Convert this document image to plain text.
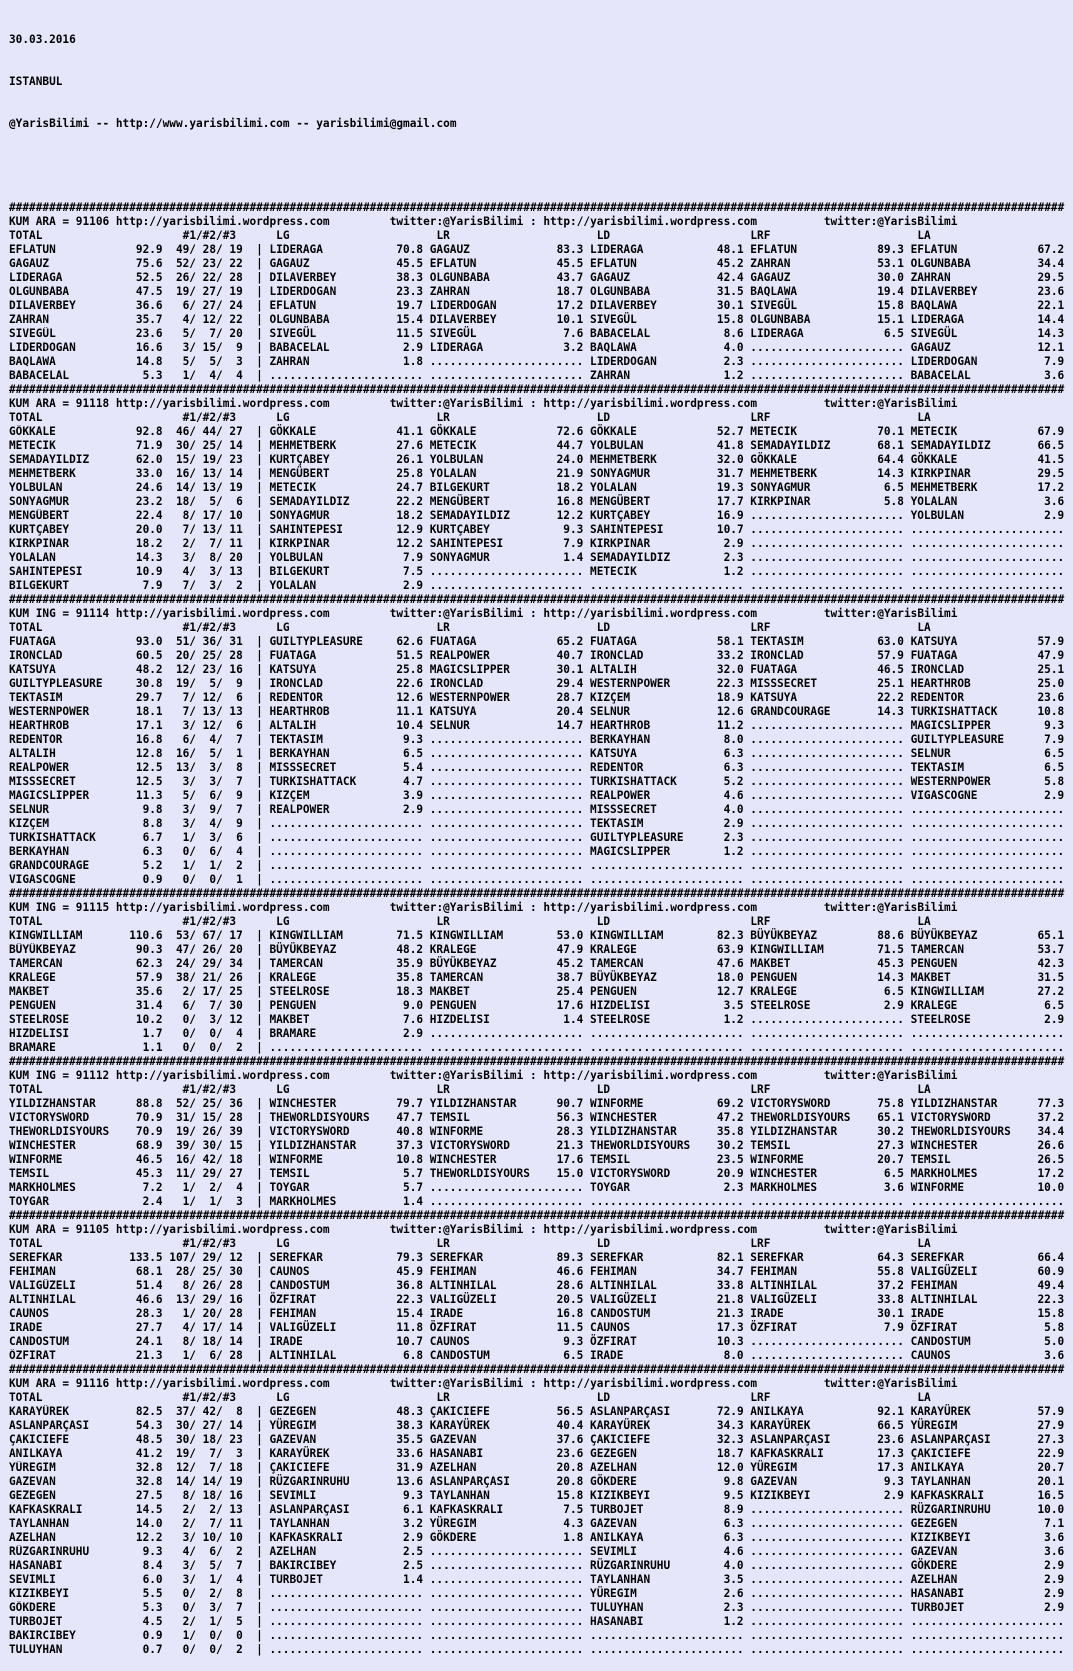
30.03.2016

ISTANBUL

@YarisBilimi -- http://www.yarisbilimi.com -- yarisbilimi@gmail.com

##############################################################################################################################################################
KUM ARA = 91106 http://yarisbilimi.wordpress.com	twitter:@YarisBilimi : http://yarisbilimi.wordpress.com	twitter:@YarisBilimi
TOTAL	#1/#2/#3	LG	LR	LD	LRF	LA
EFLATUN	92.9	49/ 28/ 19	| LIDERAGA	70.8 GAGAUZ	83.3 LIDERAGA	48.1 EFLATUN	89.3 EFLATUN	67.2
GAGAUZ	75.6	52/ 23/ 22	| GAGAUZ	45.5 EFLATUN	45.5 EFLATUN	45.2 ZAHRAN	53.1 OLGUNBABA	34.4
LIDERAGA	52.5	26/ 22/ 28	| DILAVERBEY	38.3 OLGUNBABA	43.7 GAGAUZ	42.4 GAGAUZ	30.0 ZAHRAN	29.5
OLGUNBABA	47.5	19/ 27/ 19	| LIDERDOGAN	23.3 ZAHRAN	18.7 OLGUNBABA	31.5 BAQLAWA	19.4 DILAVERBEY	23.6
DILAVERBEY	36.6	6/ 27/ 24	| EFLATUN	19.7 LIDERDOGAN	17.2 DILAVERBEY	30.1 SIVEGÜL	15.8 BAQLAWA	22.1
ZAHRAN	35.7	4/ 12/ 22	| OLGUNBABA	15.4 DILAVERBEY	10.1 SIVEGÜL	15.8 OLGUNBABA	15.1 LIDERAGA	14.4
SIVEGÜL	23.6	5/  7/ 20	| SIVEGÜL	11.5 SIVEGÜL	7.6 BABACELAL	8.6 LIDERAGA	6.5 SIVEGÜL	14.3
LIDERDOGAN	16.6	3/ 15/  9	| BABACELAL	2.9 LIDERAGA	3.2 BAQLAWA	4.0 ....................... GAGAUZ	12.1
BAQLAWA	14.8	5/  5/  3	| ZAHRAN	1.8 ....................... LIDERDOGAN	2.3 ....................... LIDERDOGAN	7.9
BABACELAL	5.3	1/  4/  4	| ....................... ....................... ZAHRAN	1.2 ....................... BABACELAL	3.6
##############################################################################################################################################################
KUM ARA = 91118 http://yarisbilimi.wordpress.com	twitter:@YarisBilimi : http://yarisbilimi.wordpress.com	twitter:@YarisBilimi
TOTAL	#1/#2/#3	LG	LR	LD	LRF	LA
GÖKKALE	92.8	46/ 44/ 27	| GÖKKALE	41.1 GÖKKALE	72.6 GÖKKALE	52.7 METECIK	70.1 METECIK	67.9
METECIK	71.9	30/ 25/ 14	| MEHMETBERK	27.6 METECIK	44.7 YOLBULAN	41.8 SEMADAYILDIZ	68.1 SEMADAYILDIZ	66.5
SEMADAYILDIZ	62.0	15/ 19/ 23	| KURTÇABEY	26.1 YOLBULAN	24.0 MEHMETBERK	32.0 GÖKKALE	64.4 GÖKKALE	41.5
MEHMETBERK	33.0	16/ 13/ 14	| MENGÜBERT	25.8 YOLALAN	21.9 SONYAGMUR	31.7 MEHMETBERK	14.3 KIRKPINAR	29.5
YOLBULAN	24.6	14/ 13/ 19	| METECIK	24.7 BILGEKURT	18.2 YOLALAN	19.3 SONYAGMUR	6.5 MEHMETBERK	17.2
SONYAGMUR	23.2	18/  5/  6	| SEMADAYILDIZ	22.2 MENGÜBERT	16.8 MENGÜBERT	17.7 KIRKPINAR	5.8 YOLALAN	3.6
MENGÜBERT	22.4	8/ 17/ 10	| SONYAGMUR	18.2 SEMADAYILDIZ	12.2 KURTÇABEY	16.9 ....................... YOLBULAN	2.9
KURTÇABEY	20.0	7/ 13/ 11	| SAHINTEPESI	12.9 KURTÇABEY	9.3 SAHINTEPESI	10.7 ....................... .......................
KIRKPINAR	18.2	2/  7/ 11	| KIRKPINAR	12.2 SAHINTEPESI	7.9 KIRKPINAR	2.9 ....................... .......................
YOLALAN	14.3	3/  8/ 20	| YOLBULAN	7.9 SONYAGMUR	1.4 SEMADAYILDIZ	2.3 ....................... .......................
SAHINTEPESI	10.9	4/  3/ 13	| BILGEKURT	7.5 ....................... METECIK	1.2 ....................... .......................
BILGEKURT	7.9	7/  3/  2	| YOLALAN	2.9 ....................... ....................... ....................... .......................
##############################################################################################################################################################
KUM ING = 91114 http://yarisbilimi.wordpress.com	twitter:@YarisBilimi : http://yarisbilimi.wordpress.com	twitter:@YarisBilimi
TOTAL	#1/#2/#3	LG	LR	LD	LRF	LA
FUATAGA	93.0	51/ 36/ 31	| GUILTYPLEASURE	62.6 FUATAGA	65.2 FUATAGA	58.1 TEKTASIM	63.0 KATSUYA	57.9
IRONCLAD	60.5	20/ 25/ 28	| FUATAGA	51.5 REALPOWER	40.7 IRONCLAD	33.2 IRONCLAD	57.9 FUATAGA	47.9
KATSUYA	48.2	12/ 23/ 16	| KATSUYA	25.8 MAGICSLIPPER	30.1 ALTALIH	32.0 FUATAGA	46.5 IRONCLAD	25.1
GUILTYPLEASURE	30.8	19/  5/  9	| IRONCLAD	22.6 IRONCLAD	29.4 WESTERNPOWER	22.3 MISSSECRET	25.1 HEARTHROB	25.0
TEKTASIM	29.7	7/ 12/  6	| REDENTOR	12.6 WESTERNPOWER	28.7 KIZÇEM	18.9 KATSUYA	22.2 REDENTOR	23.6
WESTERNPOWER	18.1	7/ 13/ 13	| HEARTHROB	11.1 KATSUYA	20.4 SELNUR	12.6 GRANDCOURAGE	14.3 TURKISHATTACK	10.8
HEARTHROB	17.1	3/ 12/  6	| ALTALIH	10.4 SELNUR	14.7 HEARTHROB	11.2 ....................... MAGICSLIPPER	9.3
REDENTOR	16.8	6/  4/  7	| TEKTASIM	9.3 ....................... BERKAYHAN	8.0 ....................... GUILTYPLEASURE	7.9
ALTALIH	12.8	16/  5/  1	| BERKAYHAN	6.5 ....................... KATSUYA	6.3 ....................... SELNUR	6.5
REALPOWER	12.5	13/  3/  8	| MISSSECRET	5.4 ....................... REDENTOR	6.3 ....................... TEKTASIM	6.5
MISSSECRET	12.5	3/  3/  7	| TURKISHATTACK	4.7 ....................... TURKISHATTACK	5.2 ....................... WESTERNPOWER	5.8
MAGICSLIPPER	11.3	5/  6/  9	| KIZÇEM	3.9 ....................... REALPOWER	4.6 ....................... VIGASCOGNE	2.9
SELNUR	9.8	3/  9/  7	| REALPOWER	2.9 ....................... MISSSECRET	4.0 ....................... .......................
KIZÇEM	8.8	3/  4/  9	| ....................... ....................... TEKTASIM	2.9 ....................... .......................
TURKISHATTACK	6.7	1/  3/  6	| ....................... ....................... GUILTYPLEASURE	2.3 ....................... .......................
BERKAYHAN	6.3	0/  6/  4	| ....................... ....................... MAGICSLIPPER	1.2 ....................... .......................
GRANDCOURAGE	5.2	1/  1/  2	| ....................... ....................... ....................... ....................... .......................
VIGASCOGNE	0.9	0/  0/  1	| ....................... ....................... ....................... ....................... .......................
##############################################################################################################################################################
KUM ING = 91115 http://yarisbilimi.wordpress.com	twitter:@YarisBilimi : http://yarisbilimi.wordpress.com	twitter:@YarisBilimi
TOTAL	#1/#2/#3	LG	LR	LD	LRF	LA
KINGWILLIAM	110.6	53/ 67/ 17	| KINGWILLIAM	71.5 KINGWILLIAM	53.0 KINGWILLIAM	82.3 BÜYÜKBEYAZ	88.6 BÜYÜKBEYAZ	65.1
BÜYÜKBEYAZ	90.3	47/ 26/ 20	| BÜYÜKBEYAZ	48.2 KRALEGE	47.9 KRALEGE	63.9 KINGWILLIAM	71.5 TAMERCAN	53.7
TAMERCAN	62.3	24/ 29/ 34	| TAMERCAN	35.9 BÜYÜKBEYAZ	45.2 TAMERCAN	47.6 MAKBET	45.3 PENGUEN	42.3
KRALEGE	57.9	38/ 21/ 26	| KRALEGE	35.8 TAMERCAN	38.7 BÜYÜKBEYAZ	18.0 PENGUEN	14.3 MAKBET	31.5
MAKBET	35.6	2/ 17/ 25	| STEELROSE	18.3 MAKBET	25.4 PENGUEN	12.7 KRALEGE	6.5 KINGWILLIAM	27.2
PENGUEN	31.4	6/  7/ 30	| PENGUEN	9.0 PENGUEN	17.6 HIZDELISI	3.5 STEELROSE	2.9 KRALEGE	6.5
STEELROSE	10.2	0/  3/ 12	| MAKBET	7.6 HIZDELISI	1.4 STEELROSE	1.2 ....................... STEELROSE	2.9
HIZDELISI	1.7	0/  0/  4	| BRAMARE	2.9 ....................... ....................... ....................... .......................
BRAMARE	1.1	0/  0/  2	| ....................... ....................... ....................... ....................... .......................
##############################################################################################################################################################
KUM ING = 91112 http://yarisbilimi.wordpress.com	twitter:@YarisBilimi : http://yarisbilimi.wordpress.com	twitter:@YarisBilimi
TOTAL	#1/#2/#3	LG	LR	LD	LRF	LA
YILDIZHANSTAR	88.8	52/ 25/ 36	| WINCHESTER	79.7 YILDIZHANSTAR	90.7 WINFORME	69.2 VICTORYSWORD	75.8 YILDIZHANSTAR	77.3
VICTORYSWORD	70.9	31/ 15/ 28	| THEWORLDISYOURS 47.7 TEMSIL	56.3 WINCHESTER	47.2 THEWORLDISYOURS 65.1 VICTORYSWORD	37.2
THEWORLDISYOURS	70.9	19/ 26/ 39	| VICTORYSWORD	40.8 WINFORME	28.3 YILDIZHANSTAR	35.8 YILDIZHANSTAR	30.2 THEWORLDISYOURS 34.4
WINCHESTER	68.9	39/ 30/ 15	| YILDIZHANSTAR	37.3 VICTORYSWORD	21.3 THEWORLDISYOURS 30.2 TEMSIL	27.3 WINCHESTER	26.6
WINFORME	46.5	16/ 42/ 18	| WINFORME	10.8 WINCHESTER	17.6 TEMSIL	23.5 WINFORME	20.7 TEMSIL	26.5
TEMSIL	45.3	11/ 29/ 27	| TEMSIL	5.7 THEWORLDISYOURS 15.0 VICTORYSWORD	20.9 WINCHESTER	6.5 MARKHOLMES	17.2
MARKHOLMES	7.2	1/  2/  4	| TOYGAR	5.7 ....................... TOYGAR	2.3 MARKHOLMES	3.6 WINFORME	10.0
TOYGAR	2.4	1/  1/  3	| MARKHOLMES	1.4 ....................... ....................... ....................... .......................
##############################################################################################################################################################
KUM ARA = 91105 http://yarisbilimi.wordpress.com	twitter:@YarisBilimi : http://yarisbilimi.wordpress.com	twitter:@YarisBilimi
TOTAL	#1/#2/#3	LG	LR	LD	LRF	LA
SEREFKAR	133.5 107/ 29/ 12	| SEREFKAR	79.3 SEREFKAR	89.3 SEREFKAR	82.1 SEREFKAR	64.3 SEREFKAR	66.4
FEHIMAN	68.1	28/ 25/ 30	| CAUNOS	45.9 FEHIMAN	46.6 FEHIMAN	34.7 FEHIMAN	55.8 VALIGÜZELI	60.9
VALIGÜZELI	51.4	8/ 26/ 28	| CANDOSTUM	36.8 ALTINHILAL	28.6 ALTINHILAL	33.8 ALTINHILAL	37.2 FEHIMAN	49.4
ALTINHILAL	46.6	13/ 29/ 16	| ÖZFIRAT	22.3 VALIGÜZELI	20.5 VALIGÜZELI	21.8 VALIGÜZELI	33.8 ALTINHILAL	22.3
CAUNOS	28.3	1/ 20/ 28	| FEHIMAN	15.4 IRADE	16.8 CANDOSTUM	21.3 IRADE	30.1 IRADE	15.8
IRADE	27.7	4/ 17/ 14	| VALIGÜZELI	11.8 ÖZFIRAT	11.5 CAUNOS	17.3 ÖZFIRAT	7.9 ÖZFIRAT	5.8
CANDOSTUM	24.1	8/ 18/ 14	| IRADE	10.7 CAUNOS	9.3 ÖZFIRAT	10.3 ....................... CANDOSTUM	5.0
ÖZFIRAT	21.3	1/  6/ 28	| ALTINHILAL	6.8 CANDOSTUM	6.5 IRADE	8.0 ....................... CAUNOS	3.6
##############################################################################################################################################################
KUM ARA = 91116 http://yarisbilimi.wordpress.com	twitter:@YarisBilimi : http://yarisbilimi.wordpress.com	twitter:@YarisBilimi
TOTAL	#1/#2/#3	LG	LR	LD	LRF	LA
KARAYÜREK	82.5	37/ 42/  8	| GEZEGEN	48.3 ÇAKICIEFE	56.5 ASLANPARÇASI	72.9 ANILKAYA	92.1 KARAYÜREK	57.9
ASLANPARÇASI	54.3	30/ 27/ 14	| YÜREGIM	38.3 KARAYÜREK	40.4 KARAYÜREK	34.3 KARAYÜREK	66.5 YÜREGIM	27.9
ÇAKICIEFE	48.5	30/ 18/ 23	| GAZEVAN	35.5 GAZEVAN	37.6 ÇAKICIEFE	32.3 ASLANPARÇASI	23.6 ASLANPARÇASI	27.3
ANILKAYA	41.2	19/  7/  3	| KARAYÜREK	33.6 HASANABI	23.6 GEZEGEN	18.7 KAFKASKRALI	17.3 ÇAKICIEFE	22.9
YÜREGIM	32.8	12/  7/ 18	| ÇAKICIEFE	31.9 AZELHAN	20.8 AZELHAN	12.0 YÜREGIM	17.3 ANILKAYA	20.7
GAZEVAN	32.8	14/ 14/ 19	| RÜZGARINRUHU	13.6 ASLANPARÇASI	20.8 GÖKDERE	9.8 GAZEVAN	9.3 TAYLANHAN	20.1
GEZEGEN	27.5	8/ 18/ 16	| SEVIMLI	9.3 TAYLANHAN	15.8 KIZIKBEYI	9.5 KIZIKBEYI	2.9 KAFKASKRALI	16.5
KAFKASKRALI	14.5	2/  2/ 13	| ASLANPARÇASI	6.1 KAFKASKRALI	7.5 TURBOJET	8.9 ....................... RÜZGARINRUHU	10.0
TAYLANHAN	14.0	2/  7/ 11	| TAYLANHAN	3.2 YÜREGIM	4.3 GAZEVAN	6.3 ....................... GEZEGEN	7.1
AZELHAN	12.2	3/ 10/ 10	| KAFKASKRALI	2.9 GÖKDERE	1.8 ANILKAYA	6.3 ....................... KIZIKBEYI	3.6
RÜZGARINRUHU	9.3	4/  6/  2	| AZELHAN	2.5 ....................... SEVIMLI	4.6 ....................... GAZEVAN	3.6
HASANABI	8.4	3/  5/  7	| BAKIRCIBEY	2.5 ....................... RÜZGARINRUHU	4.0 ....................... GÖKDERE	2.9
SEVIMLI	6.0	3/  1/  4	| TURBOJET	1.4 ....................... TAYLANHAN	3.5 ....................... AZELHAN	2.9
KIZIKBEYI	5.5	0/  2/  8	| ....................... ....................... YÜREGIM	2.6 ....................... HASANABI	2.9
GÖKDERE	5.3	0/  3/  7	| ....................... ....................... TULUYHAN	2.3 ....................... TURBOJET	2.9
TURBOJET	4.5	2/  1/  5	| ....................... ....................... HASANABI	1.2 ....................... .......................
BAKIRCIBEY	0.9	1/  0/  0	| ....................... ....................... ....................... ....................... .......................
TULUYHAN	0.7	0/  0/  2	| ....................... ....................... ....................... ....................... .......................
